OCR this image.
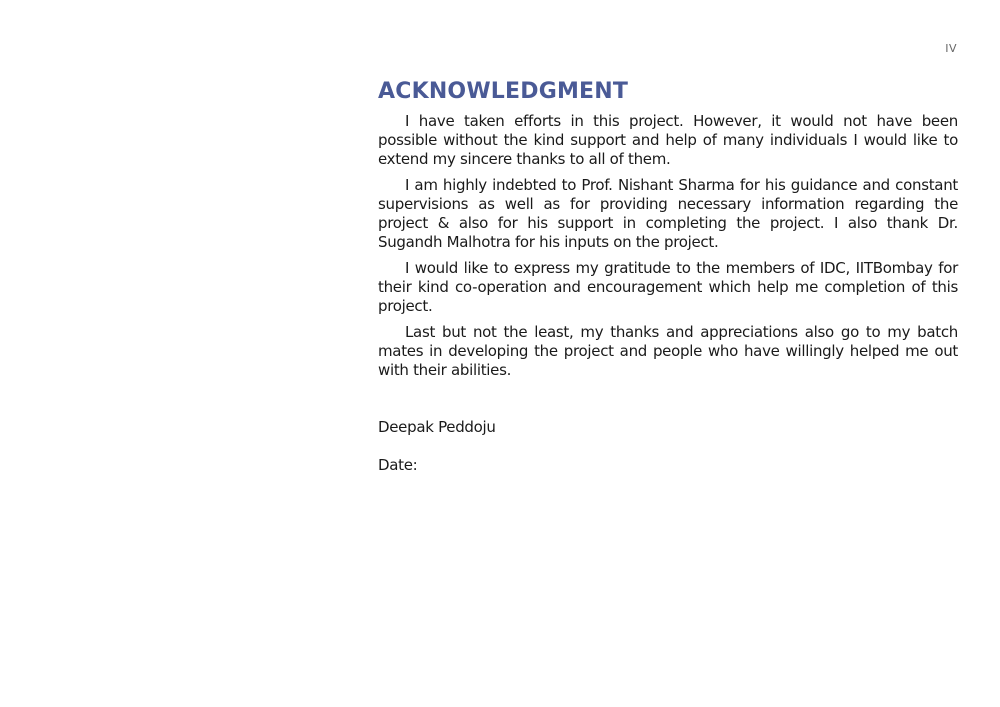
IV
ACKNOWLEDGMENT

I have taken efforts in this project. However, it would not have been possible without the kind support and help of many individuals I would like to extend my sincere thanks to all of them.

I am highly indebted to Prof. Nishant Sharma for his guidance and constant supervisions as well as for providing necessary information regarding the project & also for his support in completing the project. I also thank Dr. Sugandh Malhotra for his inputs on the project.

I would like to express my gratitude to the members of IDC, IITBombay for their kind co-operation and encouragement which help me completion of this project.

Last but not the least, my thanks and appreciations also go to my batch mates in developing the project and people who have willingly helped me out with their abilities.

Deepak Peddoju

Date:
